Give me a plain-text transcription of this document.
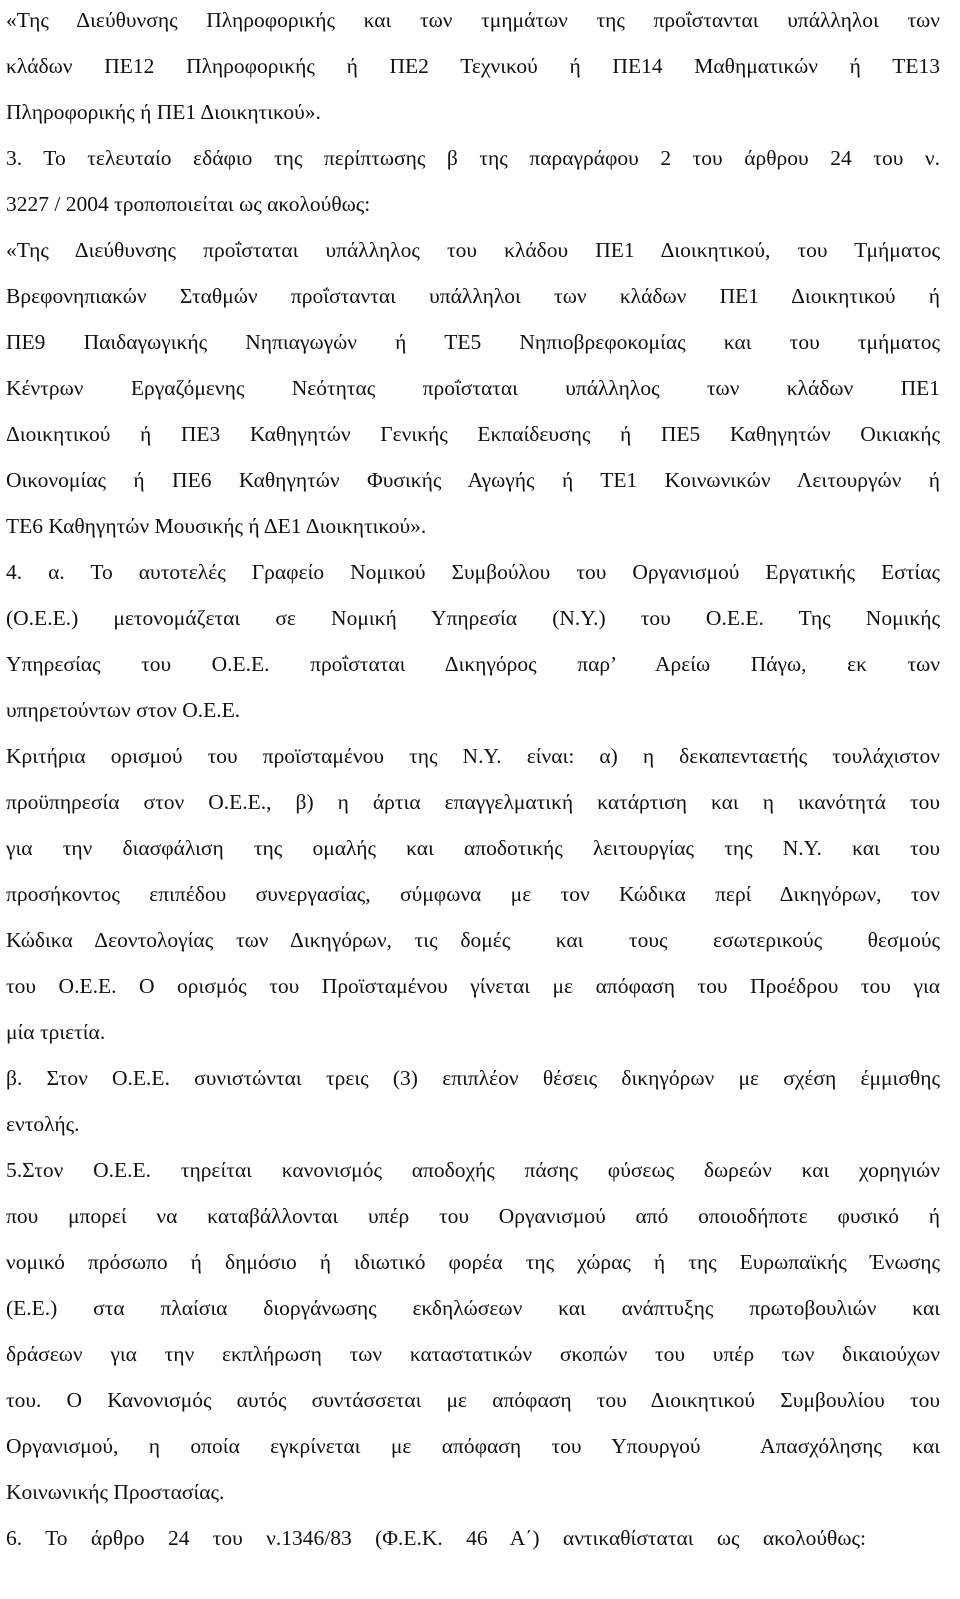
«Της Διεύθυνσης Πληροφορικής και των τμημάτων της προΐστανται υπάλληλοι των
κλάδων ΠΕ12 Πληροφορικής ή ΠΕ2 Τεχνικού ή ΠΕ14 Μαθηματικών ή ΤΕ13
Πληροφορικής ή ΠΕ1 Διοικητικού».
3. Το τελευταίο εδάφιο της περίπτωσης β της παραγράφου 2 του άρθρου 24 του ν.
3227 / 2004 τροποποιείται ως ακολούθως:
«Της Διεύθυνσης προΐσταται υπάλληλος του κλάδου ΠΕ1 Διοικητικού, του Τμήματος
Βρεφονηπιακών Σταθμών προΐστανται υπάλληλοι των κλάδων ΠΕ1 Διοικητικού ή
ΠΕ9 Παιδαγωγικής Νηπιαγωγών ή ΤΕ5 Νηπιοβρεφοκομίας και του τμήματος
Κέντρων Εργαζόμενης Νεότητας προΐσταται υπάλληλος των κλάδων ΠΕ1
Διοικητικού ή ΠΕ3 Καθηγητών Γενικής Εκπαίδευσης ή ΠΕ5 Καθηγητών Οικιακής
Οικονομίας ή ΠΕ6 Καθηγητών Φυσικής Αγωγής ή ΤΕ1 Κοινωνικών Λειτουργών ή
ΤΕ6 Καθηγητών Μουσικής ή ΔΕ1 Διοικητικού».
4. α. Το αυτοτελές Γραφείο Νομικού Συμβούλου του Οργανισμού Εργατικής Εστίας
(Ο.Ε.Ε.) μετονομάζεται σε Νομική Υπηρεσία (Ν.Υ.) του Ο.Ε.Ε. Της Νομικής
Υπηρεσίας του Ο.Ε.Ε. προΐσταται Δικηγόρος παρ’ Αρείω Πάγω, εκ των
υπηρετούντων στον Ο.Ε.Ε.
Κριτήρια ορισμού του προϊσταμένου της Ν.Υ. είναι: α) η δεκαπενταετής τουλάχιστον
προϋπηρεσία στον Ο.Ε.Ε., β) η άρτια επαγγελματική κατάρτιση και η ικανότητά του
για την διασφάλιση της ομαλής και αποδοτικής λειτουργίας της Ν.Υ. και του
προσήκοντος επιπέδου συνεργασίας, σύμφωνα με τον Κώδικα περί Δικηγόρων, τον
Κώδικα Δεοντολογίας των Δικηγόρων, τις δομές  και  τους  εσωτερικούς  θεσμούς
του Ο.Ε.Ε. Ο ορισμός του Προϊσταμένου γίνεται με απόφαση του Προέδρου του για
μία τριετία.
β. Στον Ο.Ε.Ε. συνιστώνται τρεις (3) επιπλέον θέσεις δικηγόρων με σχέση έμμισθης
εντολής.
5.Στον Ο.Ε.Ε. τηρείται κανονισμός αποδοχής πάσης φύσεως δωρεών και χορηγιών
που μπορεί να καταβάλλονται υπέρ του Οργανισμού από οποιοδήποτε φυσικό ή
νομικό πρόσωπο ή δημόσιο ή ιδιωτικό φορέα της χώρας ή της Ευρωπαϊκής Ένωσης
(Ε.Ε.) στα πλαίσια διοργάνωσης εκδηλώσεων και ανάπτυξης πρωτοβουλιών και
δράσεων για την εκπλήρωση των καταστατικών σκοπών του υπέρ των δικαιούχων
του. Ο Κανονισμός αυτός συντάσσεται με απόφαση του Διοικητικού Συμβουλίου του
Οργανισμού, η οποία εγκρίνεται με απόφαση του Υπουργού  Απασχόλησης και
Κοινωνικής Προστασίας.
6. Το άρθρο 24 του ν.1346/83 (Φ.Ε.Κ. 46 Α΄) αντικαθίσταται ως ακολούθως:
